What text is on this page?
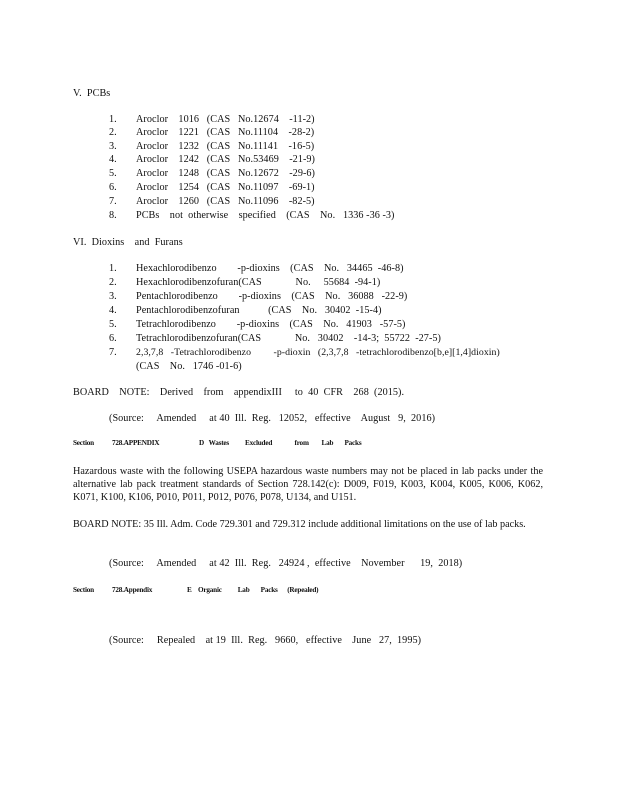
V.  PCBs
1. Aroclor    1016   (CAS   No.12674    -11-2)
2. Aroclor    1221   (CAS   No.11104    -28-2)
3. Aroclor    1232   (CAS   No.11141    -16-5)
4. Aroclor    1242   (CAS   No.53469    -21-9)
5. Aroclor    1248   (CAS   No.12672    -29-6)
6. Aroclor    1254   (CAS   No.11097    -69-1)
7. Aroclor    1260   (CAS   No.11096    -82-5)
8. PCBs    not  otherwise    specified    (CAS    No.   1336 -36 -3)
VI.  Dioxins    and  Furans
1. Hexachlorodibenzo        -p-dioxins    (CAS    No.   34465  -46-8)
2. Hexachlorodibenzofuran(CAS             No.     55684  -94-1)
3. Pentachlorodibenzo        -p-dioxins    (CAS    No.   36088   -22-9)
4. Pentachlorodibenzofuran           (CAS    No.   30402  -15-4)
5. Tetrachlorodibenzo        -p-dioxins    (CAS    No.   41903   -57-5)
6. Tetrachlorodibenzofuran(CAS             No.   30402    -14-3;  55722  -27-5)
7. 2,3,7,8   -Tetrachlorodibenzo         -p-dioxin   (2,3,7,8   -tetrachlorodibenzo[b,e][1,4]dioxin)
(CAS    No.   1746 -01-6)
BOARD    NOTE:    Derived    from    appendixIII     to  40  CFR    268  (2015).
(Source:     Amended     at 40  Ill.  Reg.   12052,   effective    August   9,  2016)
Section	728.APPENDIX	D   Wastes          Excluded              from        Lab       Packs
Hazardous waste with the following USEPA hazardous waste numbers may not be placed in lab packs under the alternative lab pack treatment standards of Section 728.142(c): D009, F019, K003, K004, K005, K006, K062, K071, K100, K106, P010, P011, P012, P076, P078, U134, and U151.
BOARD NOTE: 35 Ill. Adm. Code 729.301 and 729.312 include additional limitations on the use of lab packs.
(Source:     Amended     at 42  Ill.  Reg.   24924 ,  effective    November      19,  2018)
Section	728.Appendix	E    Organic          Lab       Packs      (Repealed)
(Source:     Repealed    at 19  Ill.  Reg.   9660,   effective    June   27,  1995)
